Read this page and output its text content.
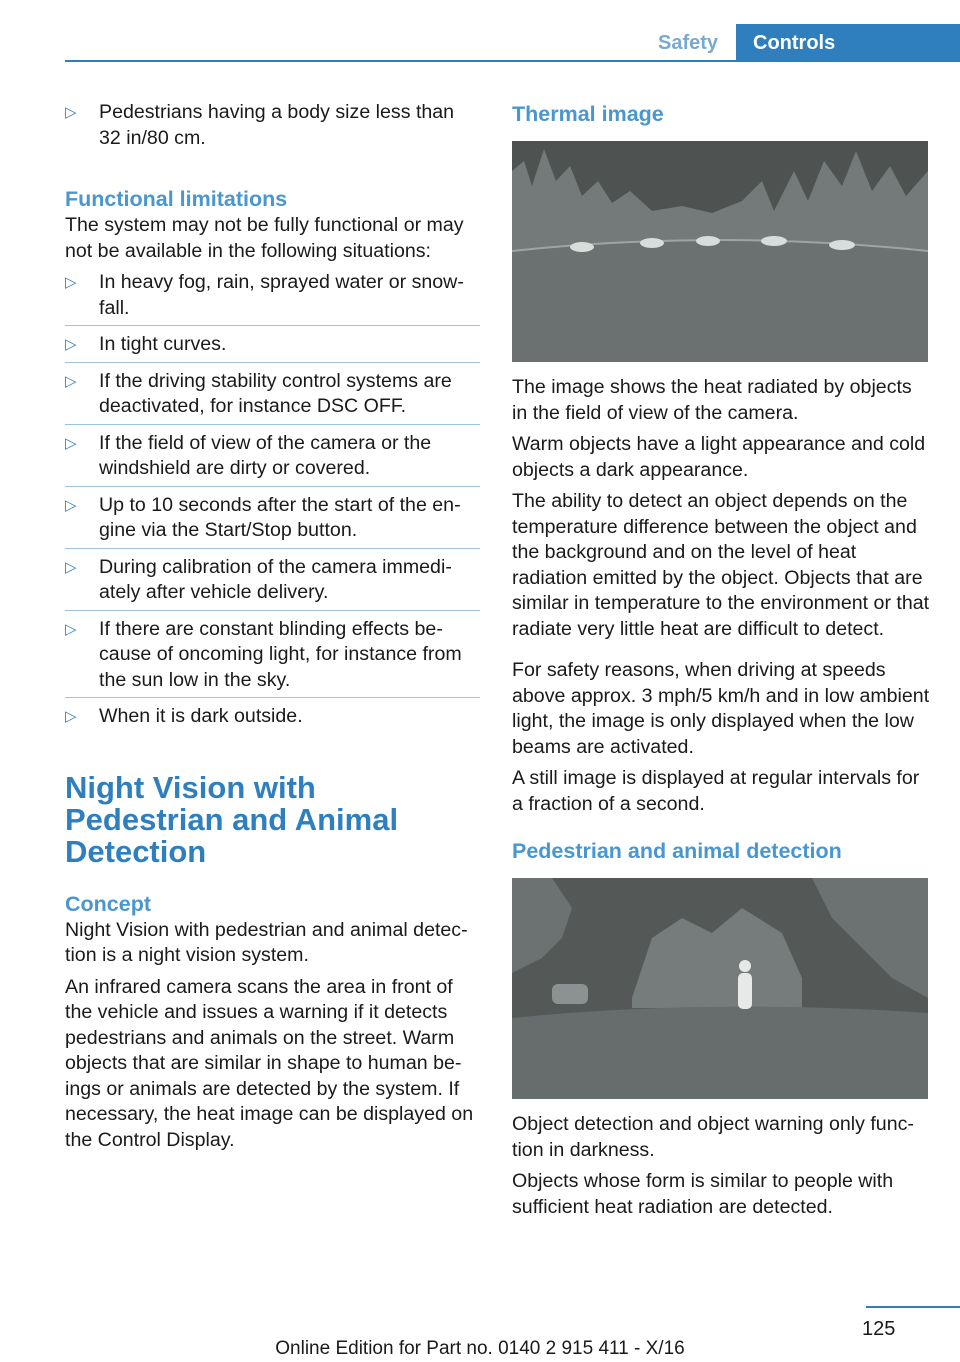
Safety	Controls
▷ Pedestrians having a body size less than 32 in/80 cm.
Functional limitations

The system may not be fully functional or may not be available in the following situations:

▷ In heavy fog, rain, sprayed water or snowfall.
▷ In tight curves.
▷ If the driving stability control systems are deactivated, for instance DSC OFF.
▷ If the field of view of the camera or the windshield are dirty or covered.
▷ Up to 10 seconds after the start of the engine via the Start/Stop button.
▷ During calibration of the camera immediately after vehicle delivery.
▷ If there are constant blinding effects because of oncoming light, for instance from the sun low in the sky.
▷ When it is dark outside.
Night Vision with Pedestrian and Animal Detection
Concept

Night Vision with pedestrian and animal detection is a night vision system.

An infrared camera scans the area in front of the vehicle and issues a warning if it detects pedestrians and animals on the street. Warm objects that are similar in shape to human beings or animals are detected by the system. If necessary, the heat image can be displayed on the Control Display.

Thermal image

The image shows the heat radiated by objects in the field of view of the camera.

Warm objects have a light appearance and cold objects a dark appearance.

The ability to detect an object depends on the temperature difference between the object and the background and on the level of heat radiation emitted by the object. Objects that are similar in temperature to the environment or that radiate very little heat are difficult to detect.

For safety reasons, when driving at speeds above approx. 3 mph/5 km/h and in low ambient light, the image is only displayed when the low beams are activated.

A still image is displayed at regular intervals for a fraction of a second.

Pedestrian and animal detection

Object detection and object warning only function in darkness.

Objects whose form is similar to people with sufficient heat radiation are detected.

125
Online Edition for Part no. 0140 2 915 411 - X/16
